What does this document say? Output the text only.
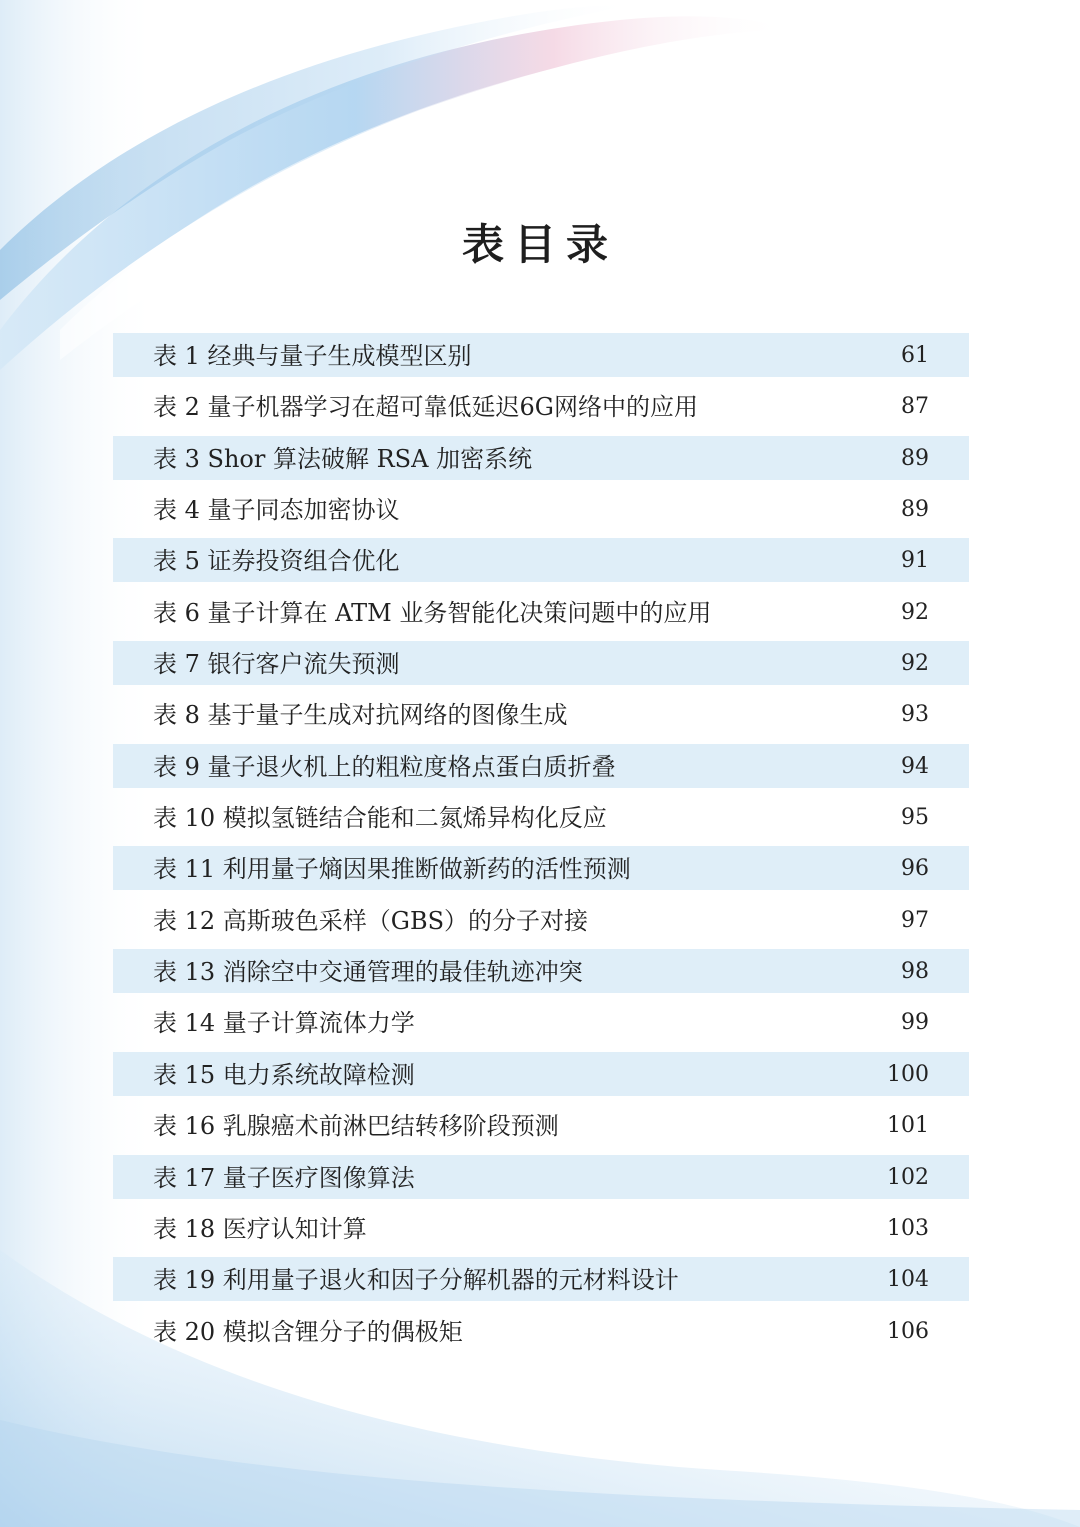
表目录
表 1 经典与量子生成模型区别	61
表 2 量子机器学习在超可靠低延迟6G网络中的应用	87
表 3 Shor 算法破解 RSA 加密系统	89
表 4 量子同态加密协议	89
表 5 证券投资组合优化	91
表 6 量子计算在 ATM 业务智能化决策问题中的应用	92
表 7 银行客户流失预测	92
表 8 基于量子生成对抗网络的图像生成	93
表 9 量子退火机上的粗粒度格点蛋白质折叠	94
表 10 模拟氢链结合能和二氮烯异构化反应	95
表 11 利用量子熵因果推断做新药的活性预测	96
表 12 高斯玻色采样（GBS）的分子对接	97
表 13 消除空中交通管理的最佳轨迹冲突	98
表 14 量子计算流体力学	99
表 15 电力系统故障检测	100
表 16 乳腺癌术前淋巴结转移阶段预测	101
表 17 量子医疗图像算法	102
表 18 医疗认知计算	103
表 19 利用量子退火和因子分解机器的元材料设计	104
表 20 模拟含锂分子的偶极矩	106
